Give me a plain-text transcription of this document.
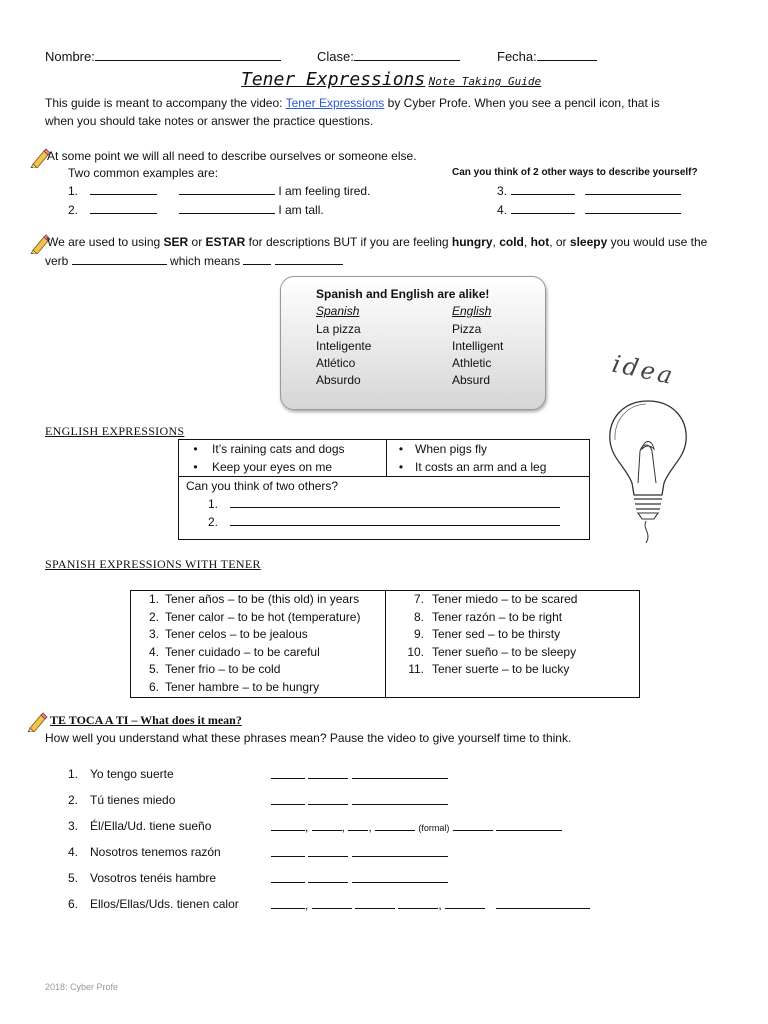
Nombre:	Clase:	Fecha:
Tener Expressions Note Taking Guide
This guide is meant to accompany the video: Tener Expressions by Cyber Profe. When you see a pencil icon, that is
when you should take notes or answer the practice questions.
At some point we will all need to describe ourselves or someone else.
Two common examples are:	Can you think of 2 other ways to describe yourself?
1.	I am feeling tired.
2.	I am tall.
3.
4.
We are used to using SER or ESTAR for descriptions BUT if you are feeling hungry, cold, hot, or sleepy you would use the
verb	which means
Spanish and English are alike!
Spanish	English
La pizza	Pizza
Inteligente	Intelligent
Atlético	Athletic
Absurdo	Absurd	idea
ENGLISH EXPRESSIONS
• It’s raining cats and dogs
• Keep your eyes on me

• When pigs fly
• It costs an arm and a leg

Can you think of two others?
1.
2.
SPANISH EXPRESSIONS WITH TENER
1. Tener años – to be (this old) in years
2. Tener calor – to be hot (temperature)
3. Tener celos – to be jealous
4. Tener cuidado – to be careful
5. Tener frio – to be cold
6. Tener hambre – to be hungry

7. Tener miedo – to be scared
8. Tener razón – to be right
9. Tener sed – to be thirsty
10. Tener sueño – to be sleepy
11. Tener suerte – to be lucky
TE TOCA A TI – What does it mean?
How well you understand what these phrases mean? Pause the video to give yourself time to think.
1. Yo tengo suerte

2. Tú tienes miedo

3. Él/Ella/Ud. tiene sueño	,	, ,	(formal)
4. Nosotros tenemos razón

5. Vosotros tenéis hambre

6. Ellos/Ellas/Uds. tienen calor	,	,
2018: Cyber Profe
